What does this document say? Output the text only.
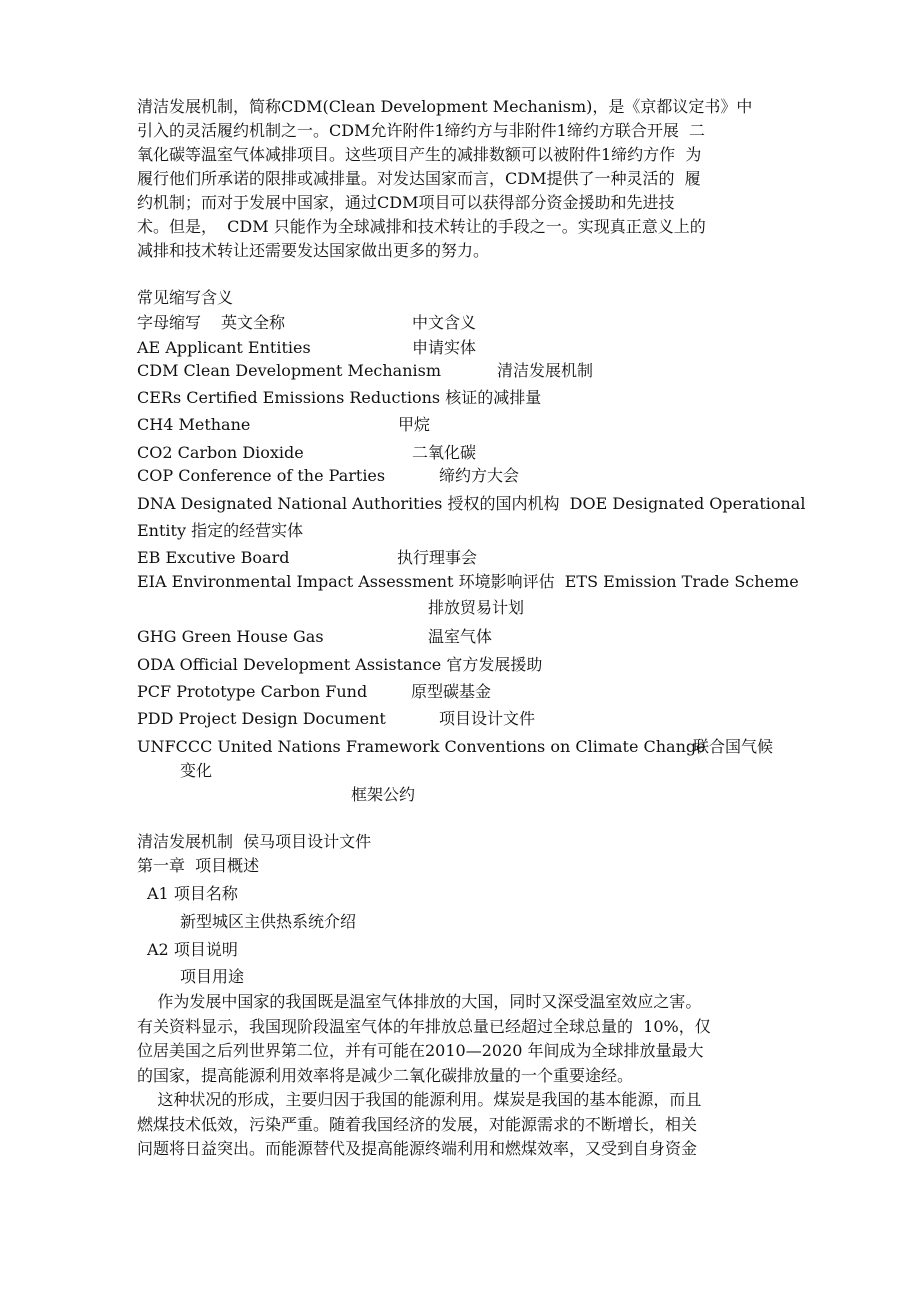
清洁发展机制，简称CDM(Clean Development Mechanism)，是《京都议定书》中
引入的灵活履约机制之一。CDM允许附件1缔约方与非附件1缔约方联合开展  二
氧化碳等温室气体减排项目。这些项目产生的减排数额可以被附件1缔约方作  为
履行他们所承诺的限排或减排量。对发达国家而言，CDM提供了一种灵活的  履
约机制；而对于发展中国家，通过CDM项目可以获得部分资金援助和先进技
术。但是，  CDM 只能作为全球减排和技术转让的手段之一。实现真正意义上的
减排和技术转让还需要发达国家做出更多的努力。
常见缩写含义
字母缩写 英文全称	中文含义
AE Applicant Entities	申请实体
CDM Clean Development Mechanism	清洁发展机制
CERs Certified Emissions Reductions 核证的减排量
CH4 Methane	甲烷
CO2 Carbon Dioxide	二氧化碳
COP Conference of the Parties	缔约方大会
DNA Designated National Authorities 授权的国内机构  DOE Designated Operational
Entity 指定的经营实体
EB Excutive Board	执行理事会
EIA Environmental Impact Assessment 环境影响评估  ETS Emission Trade Scheme
排放贸易计划
GHG Green House Gas	温室气体
ODA Official Development Assistance 官方发展援助
PCF Prototype Carbon Fund	原型碳基金
PDD Project Design Document	项目设计文件
UNFCCC United Nations Framework Conventions on Climate Change
联合国气候
变化
框架公约
清洁发展机制  侯马项目设计文件
第一章  项目概述
A1 项目名称
新型城区主供热系统介绍
A2 项目说明
项目用途
作为发展中国家的我国既是温室气体排放的大国，同时又深受温室效应之害。
有关资料显示，我国现阶段温室气体的年排放总量已经超过全球总量的  10%，仅
位居美国之后列世界第二位，并有可能在2010—2020 年间成为全球排放量最大
的国家，提高能源利用效率将是减少二氧化碳排放量的一个重要途经。
这种状况的形成，主要归因于我国的能源利用。煤炭是我国的基本能源，而且
燃煤技术低效，污染严重。随着我国经济的发展，对能源需求的不断增长，相关
问题将日益突出。而能源替代及提高能源终端利用和燃煤效率，又受到自身资金
